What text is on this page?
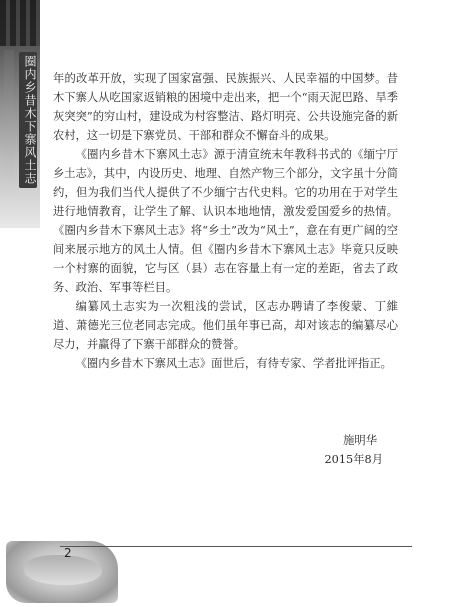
圈内乡昔木下寨风土志 年的改革开放，实现了国家富强、民族振兴、人民幸福的中国梦。昔木下寨人从吃国家返销粮的困境中走出来，把一个“雨天泥巴路、旱季灰突突”的穷山村，建设成为村容整洁、路灯明亮、公共设施完备的新农村，这一切是下寨党员、干部和群众不懈奋斗的成果。

《圈内乡昔木下寨风土志》源于清宣统末年教科书式的《缅宁厅乡土志》，其中，内设历史、地理、自然产物三个部分，文字虽十分简约，但为我们当代人提供了不少缅宁古代史料。它的功用在于对学生进行地情教育，让学生了解、认识本地地情，激发爱国爱乡的热情。《圈内乡昔木下寨风土志》将“乡土”改为“风土”，意在有更广阔的空间来展示地方的风土人情。但《圈内乡昔木下寨风土志》毕竟只反映一个村寨的面貌，它与区（县）志在容量上有一定的差距，省去了政务、政治、军事等栏目。

编纂风土志实为一次粗浅的尝试，区志办聘请了李俊蒙、丁維道、萧德光三位老同志完成。他们虽年事已高，却对该志的编纂尽心尽力，并赢得了下寨干部群众的赞誉。

《圈内乡昔木下寨风土志》面世后，有待专家、学者批评指正。

施明华
2015年8月
2
